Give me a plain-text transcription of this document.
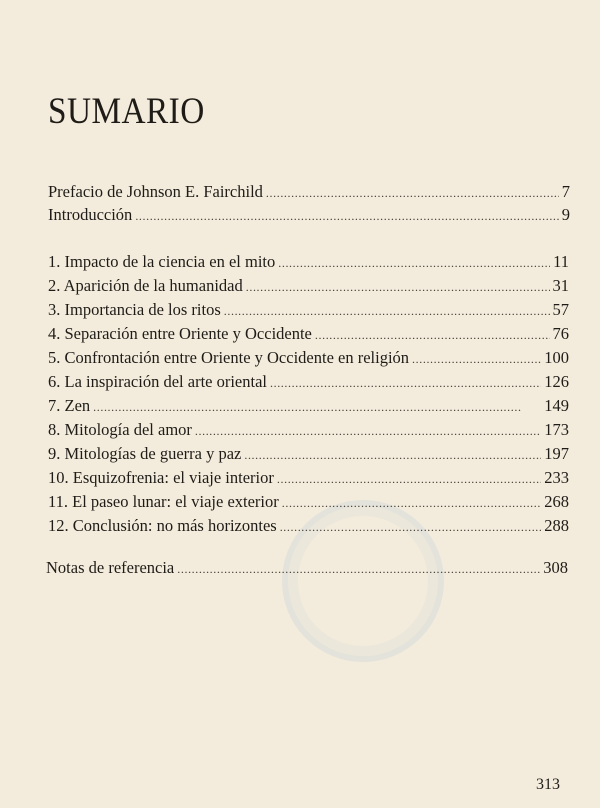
SUMARIO
Prefacio de Johnson E. Fairchild . . .	7
Introducción . . .	9
1. Impacto de la ciencia en el mito . . .	11
2. Aparición de la humanidad . . .	31
3. Importancia de los ritos . . .	57
4. Separación entre Oriente y Occidente . . .	76
5. Confrontación entre Oriente y Occidente en religión . . .	100
6. La inspiración del arte oriental . . .	126
7. Zen . . .	149
8. Mitología del amor . . .	173
9. Mitologías de guerra y paz . . .	197
10. Esquizofrenia: el viaje interior . . .	233
11. El paseo lunar: el viaje exterior . . .	268
12. Conclusión: no más horizontes . . .	288
Notas de referencia . . .	308

313
